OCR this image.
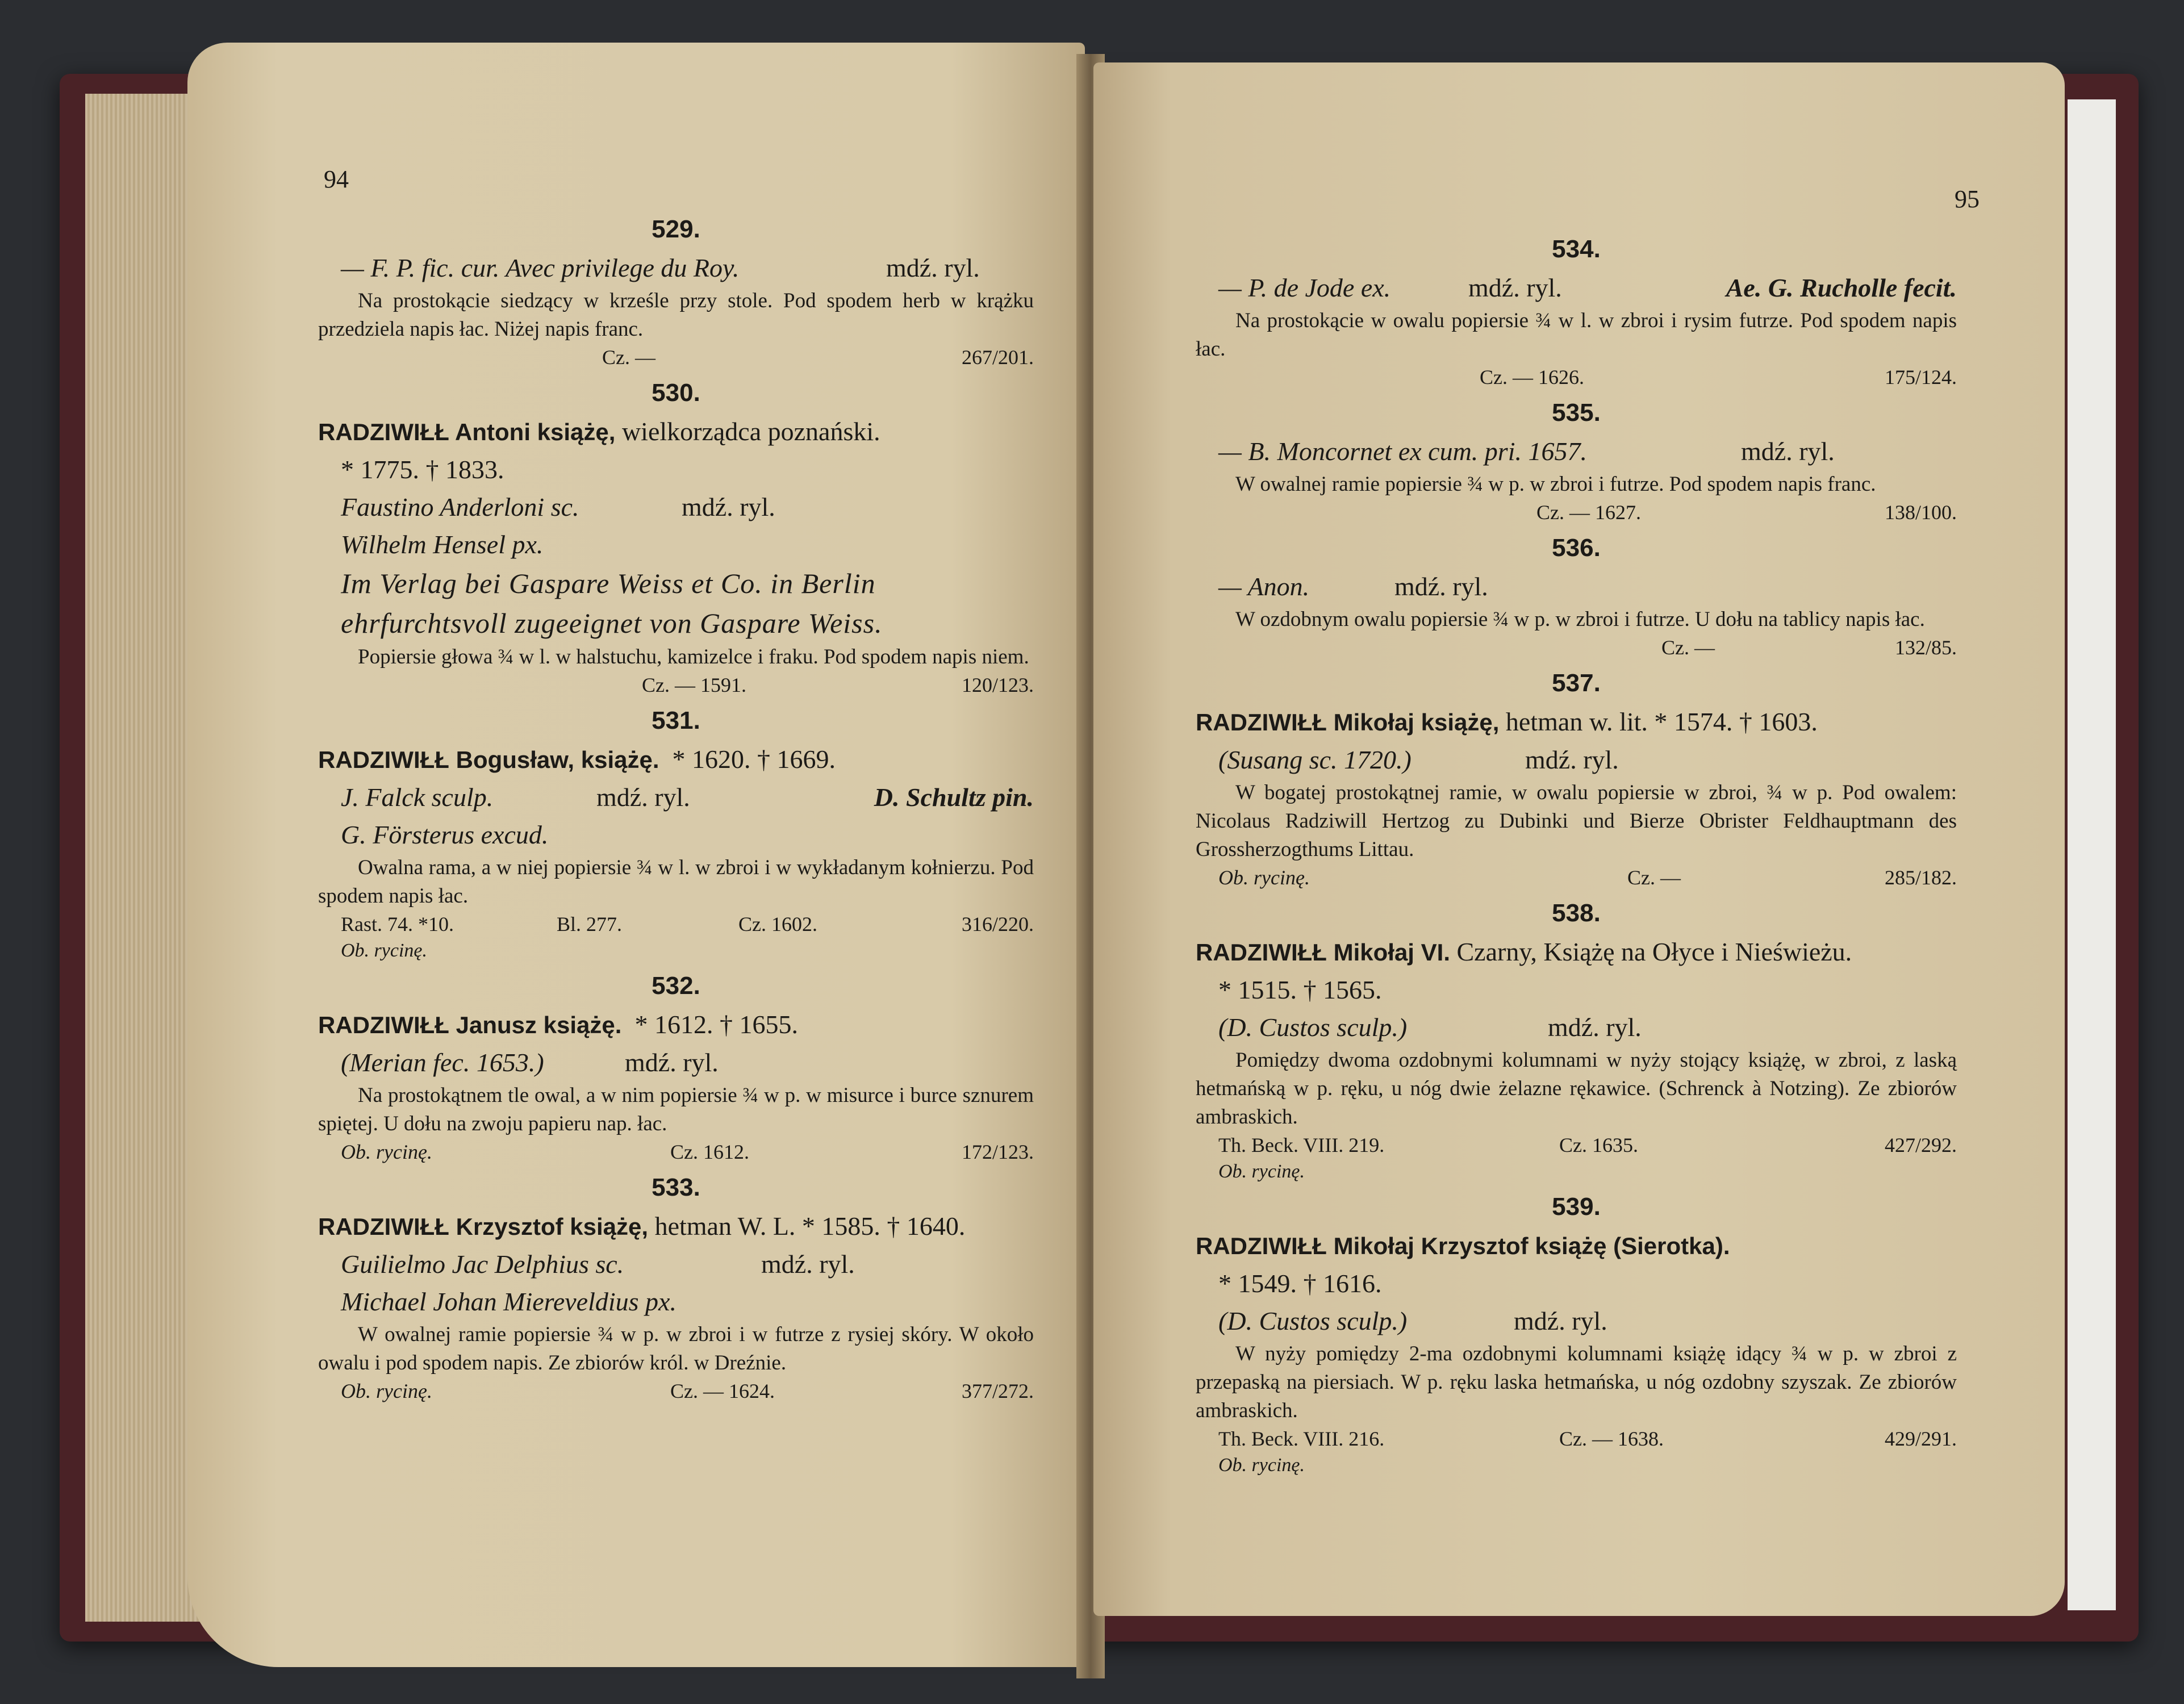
94
529.
— F. P. fic. cur. Avec privilege du Roy.	mdź. ryl.
Na prostokącie siedzący w krześle przy stole. Pod spodem herb w krążku przedziela napis łac. Niżej napis franc.
Cz. —	267/201.
530.
RADZIWIŁŁ Antoni książę, wielkorządca poznański.
* 1775. † 1833.
Faustino Anderloni sc.	mdź. ryl.
Wilhelm Hensel px.
Im Verlag bei Gaspare Weiss et Co. in Berlin ehrfurchtsvoll zugeeignet von Gaspare Weiss.
Popiersie głowa ¾ w l. w halstuchu, kamizelce i fraku. Pod spodem napis niem.
Cz. — 1591.	120/123.
531.
RADZIWIŁŁ Bogusław, książę. * 1620. † 1669.
J. Falck sculp.	mdź. ryl.	D. Schultz pin.
G. Försterus excud.
Owalna rama, a w niej popiersie ¾ w l. w zbroi i w wykładanym kołnierzu. Pod spodem napis łac.
Rast. 74. *10.	Bl. 277.	Cz. 1602.	316/220.
Ob. rycinę.
532.
RADZIWIŁŁ Janusz książę. * 1612. † 1655.
(Merian fec. 1653.)	mdź. ryl.
Na prostokątnem tle owal, a w nim popiersie ¾ w p. w misurce i burce sznurem spiętej. U dołu na zwoju papieru nap. łac.
Ob. rycinę.	Cz. 1612.	172/123.
533.
RADZIWIŁŁ Krzysztof książę, hetman W. L. * 1585. † 1640.
Guilielmo Jac Delphius sc.	mdź. ryl.
Michael Johan Miereveldius px.
W owalnej ramie popiersie ¾ w p. w zbroi i w futrze z rysiej skóry. W około owalu i pod spodem napis. Ze zbiorów król. w Dreźnie.
Ob. rycinę.	Cz. — 1624.	377/272.
95
534.
— P. de Jode ex.	mdź. ryl.	Ae. G. Rucholle fecit.
Na prostokącie w owalu popiersie ¾ w l. w zbroi i rysim futrze. Pod spodem napis łac.
Cz. — 1626.	175/124.
535.
— B. Moncornet ex cum. pri. 1657.	mdź. ryl.
W owalnej ramie popiersie ¾ w p. w zbroi i futrze. Pod spodem napis franc.
Cz. — 1627.	138/100.
536.
— Anon.	mdź. ryl.
W ozdobnym owalu popiersie ¾ w p. w zbroi i futrze. U dołu na tablicy napis łac.
Cz. —	132/85.
537.
RADZIWIŁŁ Mikołaj książę, hetman w. lit. * 1574. † 1603.
(Susang sc. 1720.)	mdź. ryl.
W bogatej prostokątnej ramie, w owalu popiersie w zbroi, ¾ w p. Pod owalem: Nicolaus Radziwill Hertzog zu Dubinki und Bierze Obrister Feldhauptmann des Grossherzogthums Littau.
Ob. rycinę.	Cz. —	285/182.
538.
RADZIWIŁŁ Mikołaj VI. Czarny, Książę na Ołyce i Nieświeżu.
* 1515. † 1565.
(D. Custos sculp.)	mdź. ryl.
Pomiędzy dwoma ozdobnymi kolumnami w nyży stojący książę, w zbroi, z laską hetmańską w p. ręku, u nóg dwie żelazne rękawice. (Schrenck à Notzing). Ze zbiorów ambraskich.
Th. Beck. VIII. 219.	Cz. 1635.	427/292.
Ob. rycinę.
539.
RADZIWIŁŁ Mikołaj Krzysztof książę (Sierotka).
* 1549. † 1616.
(D. Custos sculp.)	mdź. ryl.
W nyży pomiędzy 2-ma ozdobnymi kolumnami książę idący ¾ w p. w zbroi z przepaską na piersiach. W p. ręku laska hetmańska, u nóg ozdobny szyszak. Ze zbiorów ambraskich.
Th. Beck. VIII. 216.	Cz. — 1638.	429/291.
Ob. rycinę.
